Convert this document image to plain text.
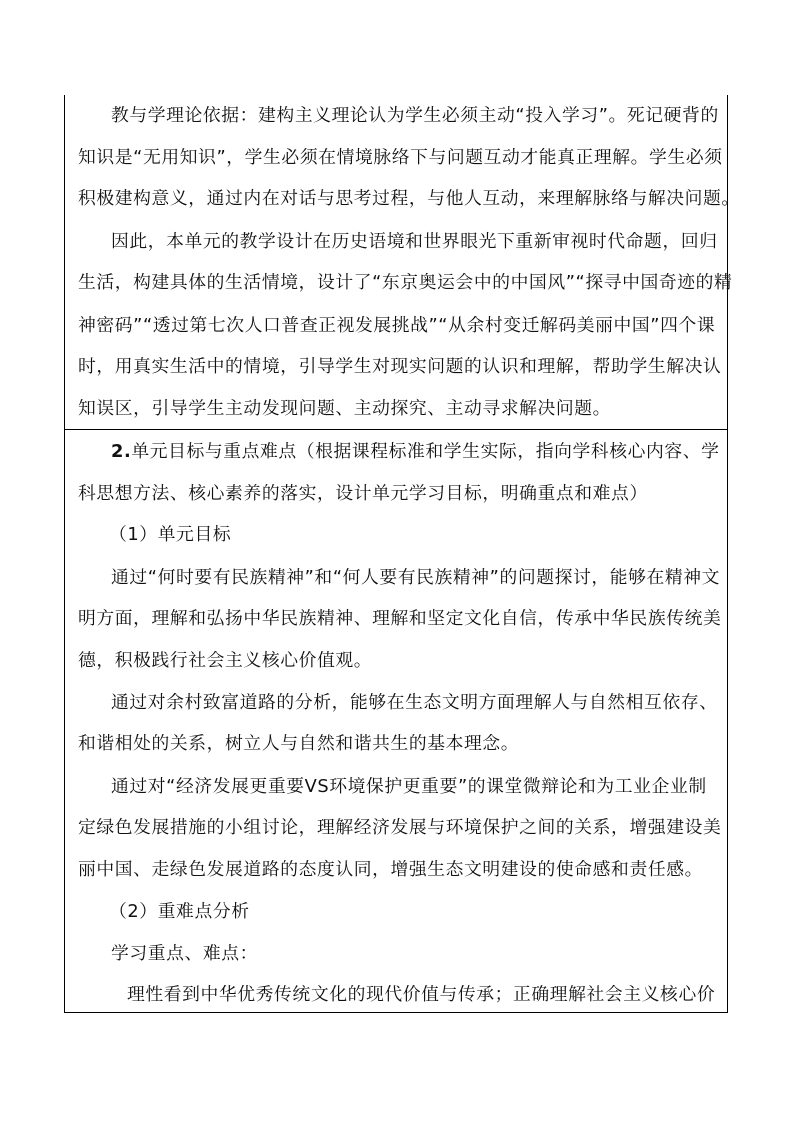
教与学理论依据：建构主义理论认为学生必须主动“投入学习”。死记硬背的
知识是“无用知识”，学生必须在情境脉络下与问题互动才能真正理解。学生必须
积极建构意义，通过内在对话与思考过程，与他人互动，来理解脉络与解决问题。
因此，本单元的教学设计在历史语境和世界眼光下重新审视时代命题，回归
生活，构建具体的生活情境，设计了“东京奥运会中的中国风”“探寻中国奇迹的精
神密码”“透过第七次人口普查正视发展挑战”“从余村变迁解码美丽中国”四个课
时，用真实生活中的情境，引导学生对现实问题的认识和理解，帮助学生解决认
知误区，引导学生主动发现问题、主动探究、主动寻求解决问题。
2.单元目标与重点难点（根据课程标准和学生实际，指向学科核心内容、学
科思想方法、核心素养的落实，设计单元学习目标，明确重点和难点）
（1）单元目标
通过“何时要有民族精神”和“何人要有民族精神”的问题探讨，能够在精神文
明方面，理解和弘扬中华民族精神、理解和坚定文化自信，传承中华民族传统美
德，积极践行社会主义核心价值观。
通过对余村致富道路的分析，能够在生态文明方面理解人与自然相互依存、
和谐相处的关系，树立人与自然和谐共生的基本理念。
通过对“经济发展更重要VS环境保护更重要”的课堂微辩论和为工业企业制
定绿色发展措施的小组讨论，理解经济发展与环境保护之间的关系，增强建设美
丽中国、走绿色发展道路的态度认同，增强生态文明建设的使命感和责任感。
（2）重难点分析
学习重点、难点：
理性看到中华优秀传统文化的现代价值与传承；正确理解社会主义核心价
